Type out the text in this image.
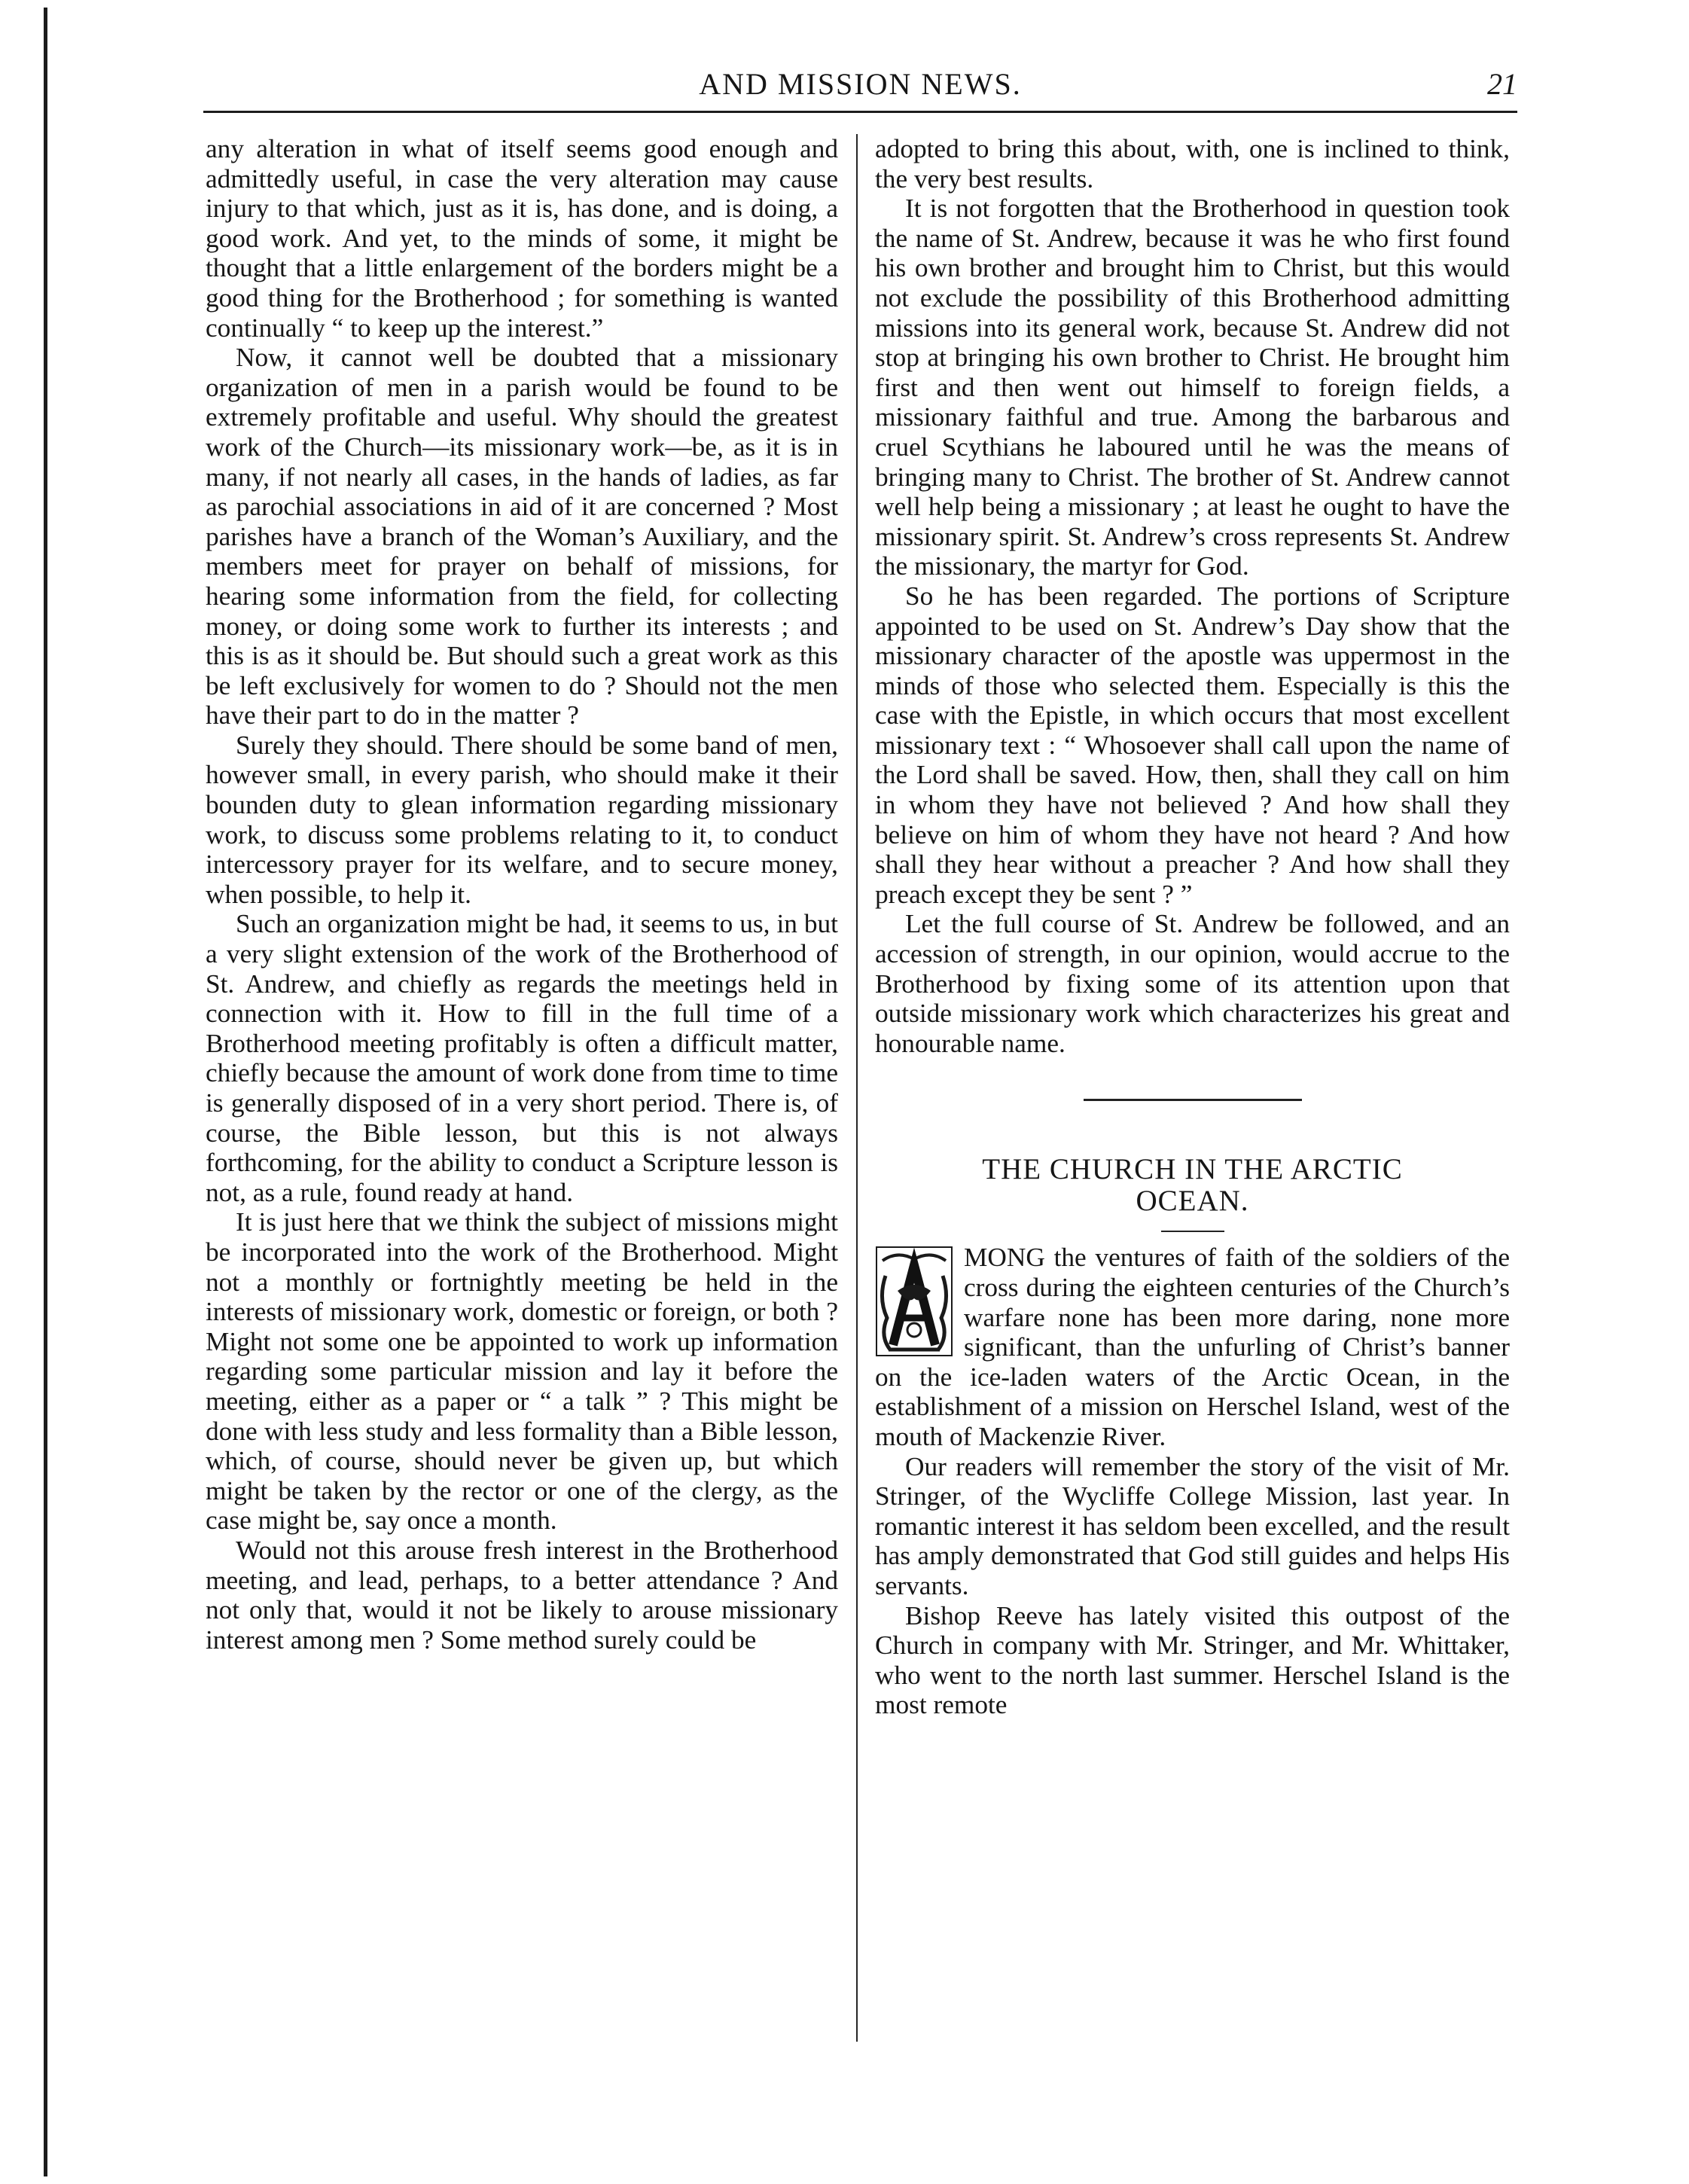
AND MISSION NEWS.	21

any alteration in what of itself seems good enough and admittedly useful, in case the very alteration may cause injury to that which, just as it is, has done, and is doing, a good work. And yet, to the minds of some, it might be thought that a little enlargement of the borders might be a good thing for the Brotherhood ; for something is wanted continually “ to keep up the interest.”

Now, it cannot well be doubted that a missionary organization of men in a parish would be found to be extremely profitable and useful. Why should the greatest work of the Church—its missionary work—be, as it is in many, if not nearly all cases, in the hands of ladies, as far as parochial associations in aid of it are concerned ? Most parishes have a branch of the Woman’s Auxiliary, and the members meet for prayer on behalf of missions, for hearing some information from the field, for collecting money, or doing some work to further its interests ; and this is as it should be. But should such a great work as this be left exclusively for women to do ? Should not the men have their part to do in the matter ?

Surely they should. There should be some band of men, however small, in every parish, who should make it their bounden duty to glean information regarding missionary work, to discuss some problems relating to it, to conduct intercessory prayer for its welfare, and to secure money, when possible, to help it.

Such an organization might be had, it seems to us, in but a very slight extension of the work of the Brotherhood of St. Andrew, and chiefly as regards the meetings held in connection with it. How to fill in the full time of a Brotherhood meeting profitably is often a difficult matter, chiefly because the amount of work done from time to time is generally disposed of in a very short period. There is, of course, the Bible lesson, but this is not always forthcoming, for the ability to conduct a Scripture lesson is not, as a rule, found ready at hand.

It is just here that we think the subject of missions might be incorporated into the work of the Brotherhood. Might not a monthly or fortnightly meeting be held in the interests of missionary work, domestic or foreign, or both ? Might not some one be appointed to work up information regarding some particular mission and lay it before the meeting, either as a paper or “ a talk ” ? This might be done with less study and less formality than a Bible lesson, which, of course, should never be given up, but which might be taken by the rector or one of the clergy, as the case might be, say once a month.

Would not this arouse fresh interest in the Brotherhood meeting, and lead, perhaps, to a better attendance ? And not only that, would it not be likely to arouse missionary interest among men ? Some method surely could be

adopted to bring this about, with, one is inclined to think, the very best results.

It is not forgotten that the Brotherhood in question took the name of St. Andrew, because it was he who first found his own brother and brought him to Christ, but this would not exclude the possibility of this Brotherhood admitting missions into its general work, because St. Andrew did not stop at bringing his own brother to Christ. He brought him first and then went out himself to foreign fields, a missionary faithful and true. Among the barbarous and cruel Scythians he laboured until he was the means of bringing many to Christ. The brother of St. Andrew cannot well help being a missionary ; at least he ought to have the missionary spirit. St. Andrew’s cross represents St. Andrew the missionary, the martyr for God.

So he has been regarded. The portions of Scripture appointed to be used on St. Andrew’s Day show that the missionary character of the apostle was uppermost in the minds of those who selected them. Especially is this the case with the Epistle, in which occurs that most excellent missionary text : “ Whosoever shall call upon the name of the Lord shall be saved. How, then, shall they call on him in whom they have not believed ? And how shall they believe on him of whom they have not heard ? And how shall they hear without a preacher ? And how shall they preach except they be sent ? ”

Let the full course of St. Andrew be followed, and an accession of strength, in our opinion, would accrue to the Brotherhood by fixing some of its attention upon that outside missionary work which characterizes his great and honourable name.

THE CHURCH IN THE ARCTIC
OCEAN.

MONG the ventures of faith of the soldiers of the cross during the eighteen centuries of the Church’s warfare none has been more daring, none more significant, than the unfurling of Christ’s banner on the ice-laden waters of the Arctic Ocean, in the establishment of a mission on Herschel Island, west of the mouth of Mackenzie River.

Our readers will remember the story of the visit of Mr. Stringer, of the Wycliffe College Mission, last year. In romantic interest it has seldom been excelled, and the result has amply demonstrated that God still guides and helps His servants.

Bishop Reeve has lately visited this outpost of the Church in company with Mr. Stringer, and Mr. Whittaker, who went to the north last summer. Herschel Island is the most remote
